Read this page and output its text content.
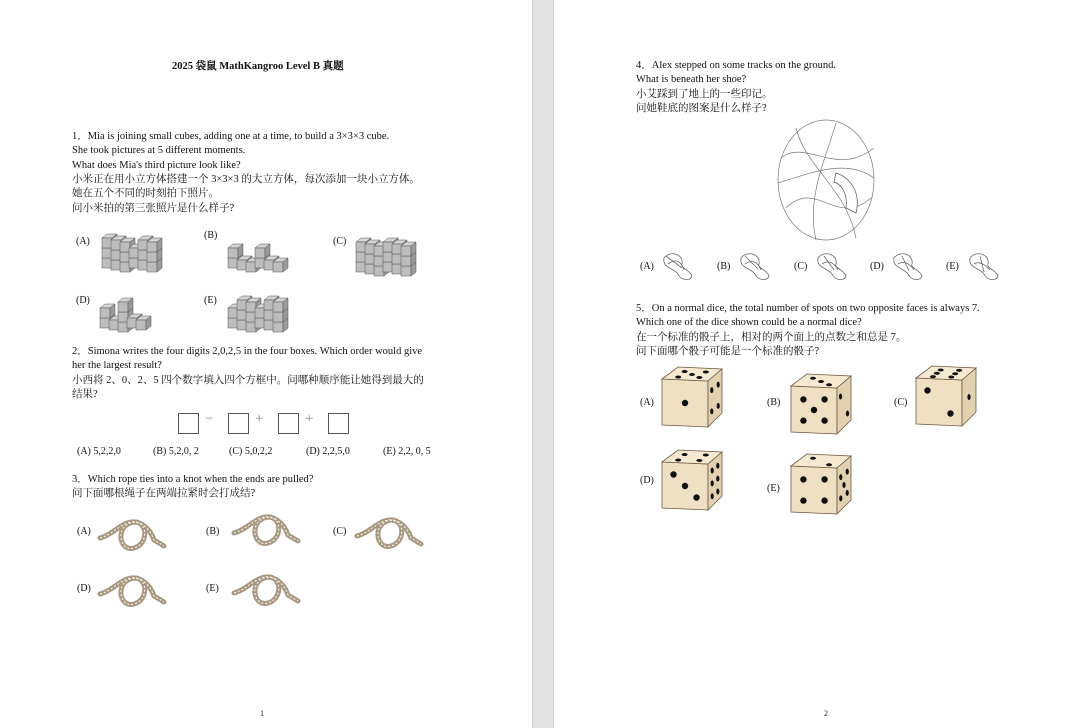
2025 袋鼠 MathKangroo Level B 真题
1．Mia is joining small cubes, adding one at a time, to build a 3×3×3 cube.
She took pictures at 5 different moments.
What does Mia's third picture look like?
小米正在用小立方体搭建一个 3×3×3 的大立方体，每次添加一块小立方体。
她在五个不同的时刻拍下照片。
问小米拍的第三张照片是什么样子?
(A)
(B)
(C)
(D)	(E)
2．Simona writes the four digits 2,0,2,5 in the four boxes. Which order would give
her the largest result?
小西将 2、0、2、5 四个数字填入四个方框中。问哪种顺序能让她得到最大的
结果?
−	+	+
(A) 5,2,2,0	(B) 5,2,0, 2	(C) 5,0,2,2	(D) 2,2,5,0	(E) 2,2, 0, 5
3．Which rope ties into a knot when the ends are pulled?
问下面哪根绳子在两端拉紧时会打成结?
(A)	(B)	(C)
(D)	(E)
1
4．Alex stepped on some tracks on the ground.
What is beneath her shoe?
小艾踩到了地上的一些印记。
问她鞋底的图案是什么样子?
(A)	(B)	(C)	(D)	(E)
5．On a normal dice, the total number of spots on two opposite faces is always 7.
Which one of the dice shown could be a normal dice?
在一个标准的骰子上，相对的两个面上的点数之和总是 7。
问下面哪个骰子可能是一个标准的骰子?
(A)	(B)	(C)
(D)
(E)
2
